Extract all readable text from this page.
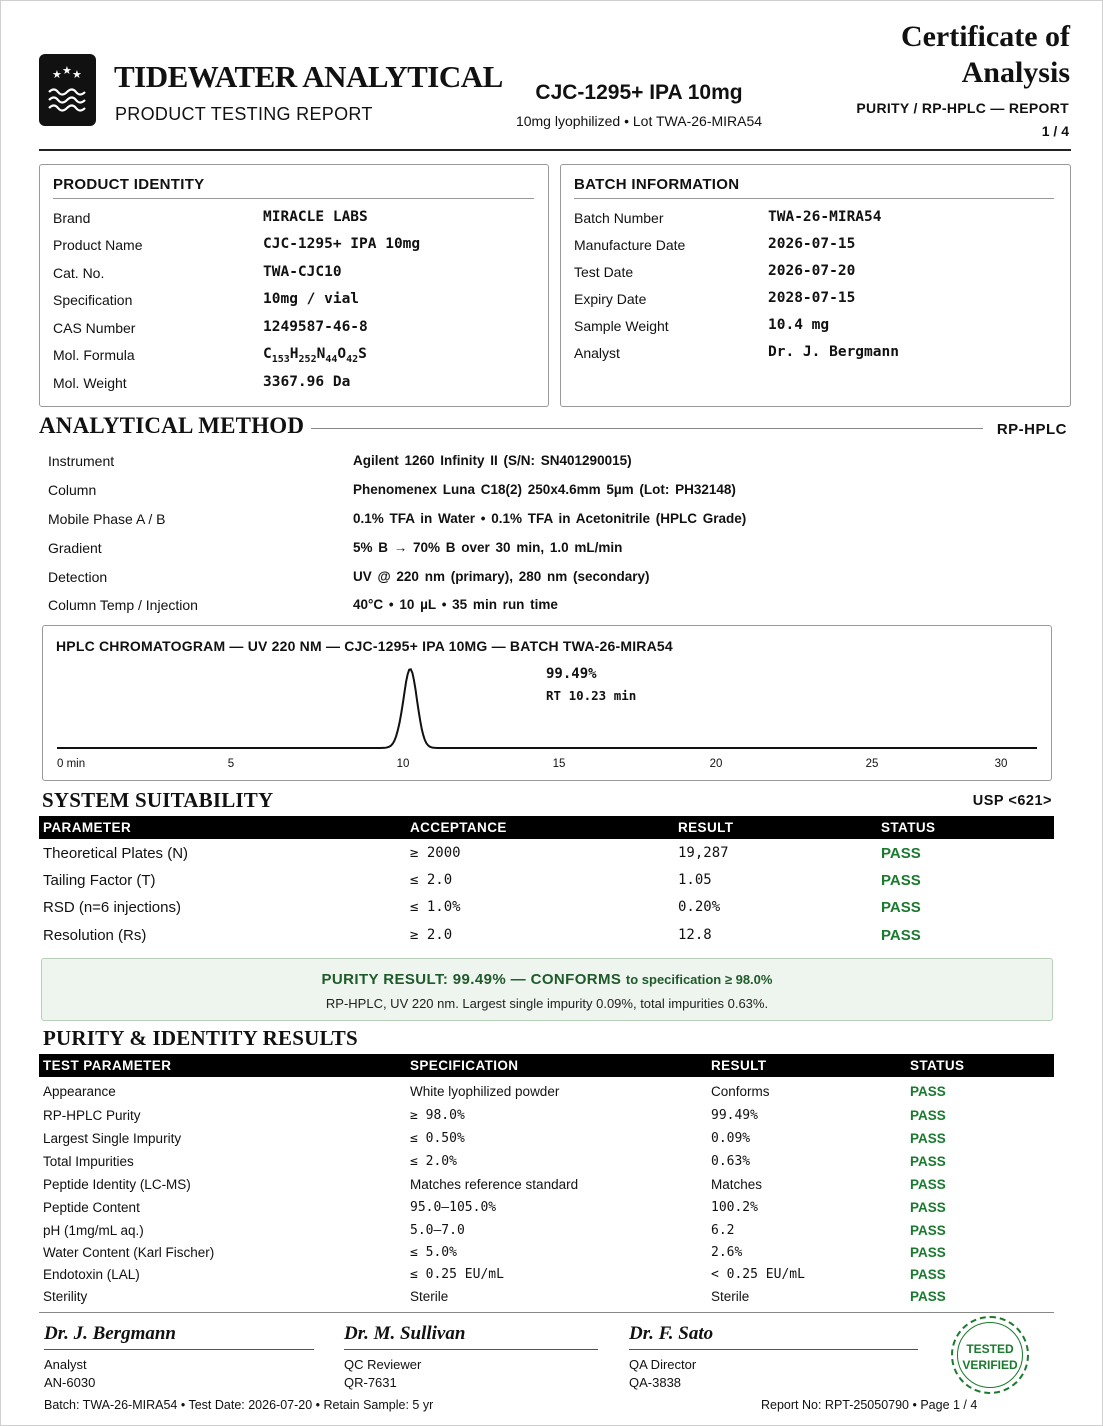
★ ★ ★ TIDEWATER ANALYTICAL
PRODUCT TESTING REPORT
CJC-1295+ IPA 10mg
10mg lyophilized • Lot TWA-26-MIRA54
Certificate of
Analysis
PURITY / RP-HPLC — REPORT
1 / 4
PRODUCT IDENTITY
Brand	MIRACLE LABS
Product Name	CJC-1295+ IPA 10mg
Cat. No.	TWA-CJC10
Specification	10mg / vial
CAS Number	1249587-46-8
Mol. Formula	$C_{153}H_{252}N_{44}O_{42}S$
Mol. Weight	3367.96 Da
BATCH INFORMATION
Batch Number	TWA-26-MIRA54
Manufacture Date	2026-07-15
Test Date	2026-07-20
Expiry Date	2028-07-15
Sample Weight	10.4 mg
Analyst	Dr. J. Bergmann
ANALYTICAL METHOD	RP-HPLC
Instrument	Agilent 1260 Infinity II (S/N: SN401290015)
Column	Phenomenex Luna C18(2) 250x4.6mm 5µm (Lot: PH32148)
Mobile Phase A / B	0.1% TFA in Water • 0.1% TFA in Acetonitrile (HPLC Grade)
Gradient	5% B → 70% B over 30 min, 1.0 mL/min
Detection	UV @ 220 nm (primary), 280 nm (secondary)
Column Temp / Injection	40°C • 10 µL • 35 min run time
0 min	5	10	15	20	25	30
HPLC CHROMATOGRAM — UV 220 NM — CJC-1295+ IPA 10MG — BATCH TWA-26-MIRA54
99.49%
RT 10.23 min
SYSTEM SUITABILITY	USP <621>
PARAMETER	ACCEPTANCE	RESULT	STATUS
Theoretical Plates (N)	≥ 2000	19,287	PASS
Tailing Factor (T)	≤ 2.0	1.05	PASS
RSD (n=6 injections)	≤ 1.0%	0.20%	PASS
Resolution (Rs)	≥ 2.0	12.8	PASS
PURITY RESULT: 99.49% — CONFORMS to specification ≥ 98.0%
RP-HPLC, UV 220 nm. Largest single impurity 0.09%, total impurities 0.63%.
PURITY & IDENTITY RESULTS
TEST PARAMETER	SPECIFICATION	RESULT	STATUS
Appearance	White lyophilized powder	Conforms	PASS
RP-HPLC Purity	≥ 98.0%	99.49%	PASS
Largest Single Impurity	≤ 0.50%	0.09%	PASS
Total Impurities	≤ 2.0%	0.63%	PASS
Peptide Identity (LC-MS)	Matches reference standard	Matches	PASS
Peptide Content	95.0–105.0%	100.2%	PASS
pH (1mg/mL aq.)	5.0–7.0	6.2	PASS
Water Content (Karl Fischer)	≤ 5.0%	2.6%	PASS
Endotoxin (LAL)	≤ 0.25 EU/mL	< 0.25 EU/mL	PASS
Sterility	Sterile	Sterile	PASS
Dr. J. Bergmann
Analyst
AN-6030
Dr. M. Sullivan
QC Reviewer
QR-7631
Dr. F. Sato
QA Director
QA-3838
TESTED
VERIFIED
Batch: TWA-26-MIRA54 • Test Date: 2026-07-20 • Retain Sample: 5 yr	Report No: RPT-25050790 • Page 1 / 4
